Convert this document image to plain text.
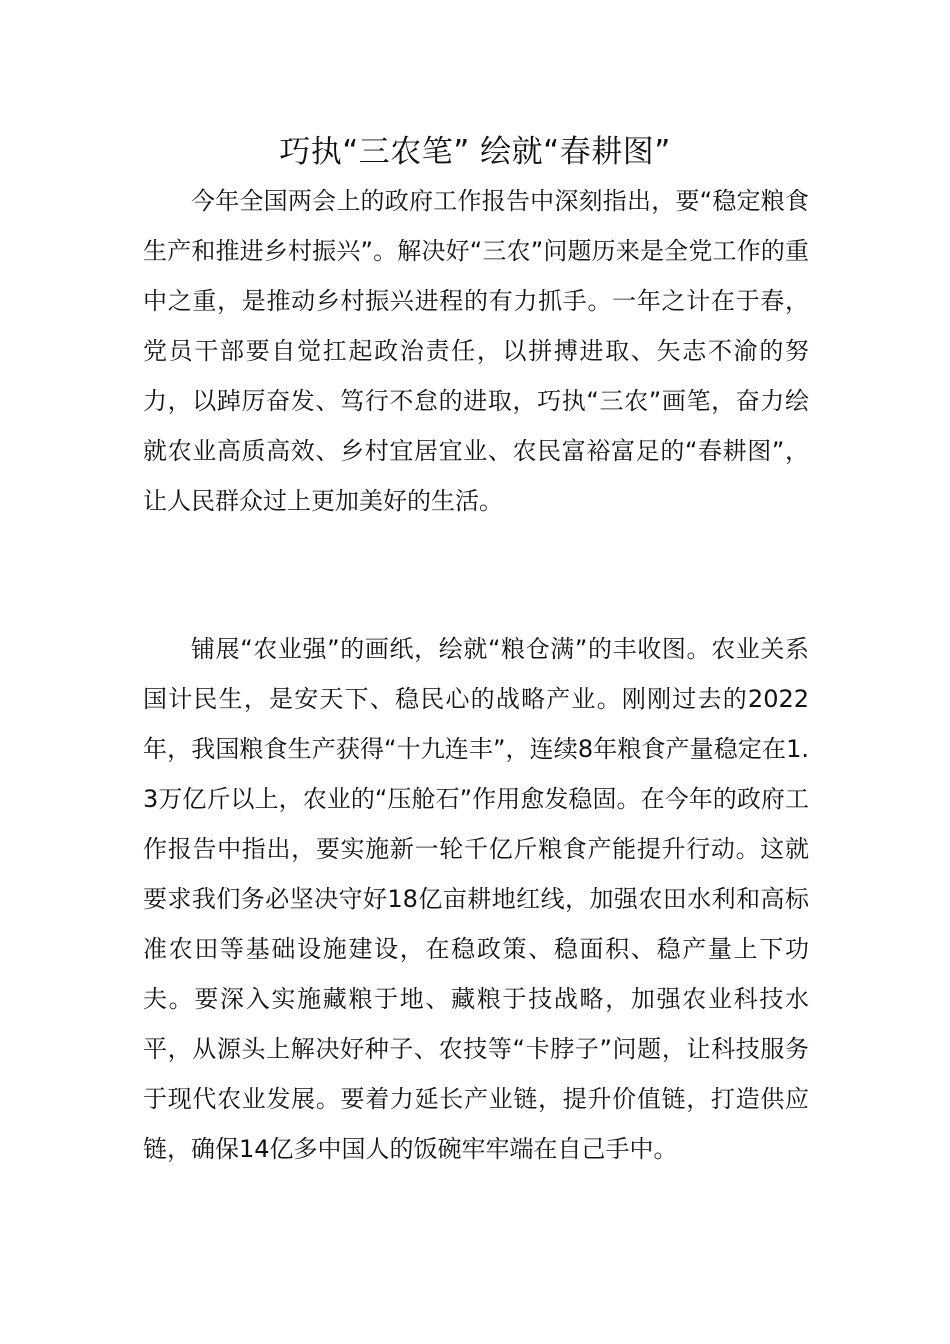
巧执“三农笔” 绘就“春耕图”

今年全国两会上的政府工作报告中深刻指出，要“稳定粮食生产和推进乡村振兴”。解决好“三农”问题历来是全党工作的重中之重，是推动乡村振兴进程的有力抓手。一年之计在于春，党员干部要自觉扛起政治责任，以拼搏进取、矢志不渝的努力，以踔厉奋发、笃行不怠的进取，巧执“三农”画笔，奋力绘就农业高质高效、乡村宜居宜业、农民富裕富足的“春耕图”，让人民群众过上更加美好的生活。

铺展“农业强”的画纸，绘就“粮仓满”的丰收图。农业关系国计民生，是安天下、稳民心的战略产业。刚刚过去的2022年，我国粮食生产获得“十九连丰”，连续8年粮食产量稳定在1.3万亿斤以上，农业的“压舱石”作用愈发稳固。在今年的政府工作报告中指出，要实施新一轮千亿斤粮食产能提升行动。这就要求我们务必坚决守好18亿亩耕地红线，加强农田水利和高标准农田等基础设施建设，在稳政策、稳面积、稳产量上下功夫。要深入实施藏粮于地、藏粮于技战略，加强农业科技水平，从源头上解决好种子、农技等“卡脖子”问题，让科技服务于现代农业发展。要着力延长产业链，提升价值链，打造供应链，确保14亿多中国人的饭碗牢牢端在自己手中。
